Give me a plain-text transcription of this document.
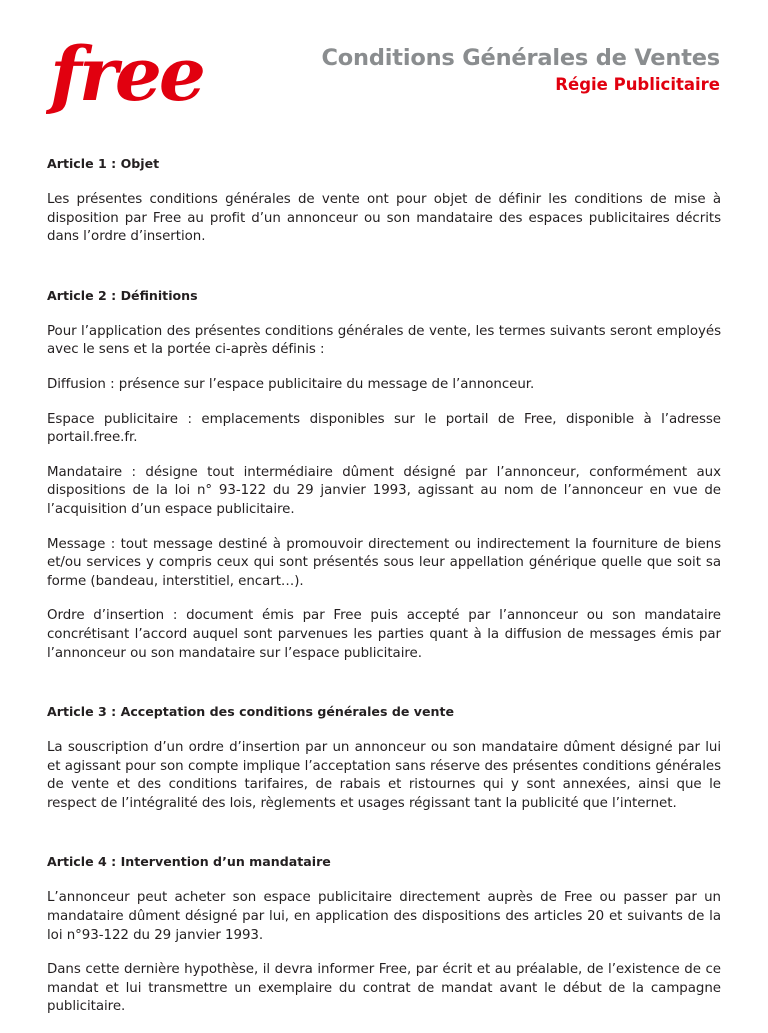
free	Conditions Générales de Ventes
Régie Publicitaire
Article 1 : Objet

Les présentes conditions générales de vente ont pour objet de définir les conditions de mise à disposition par Free au profit d’un annonceur ou son mandataire des espaces publicitaires décrits dans l’ordre d’insertion.

Article 2 : Définitions

Pour l’application des présentes conditions générales de vente, les termes suivants seront employés avec le sens et la portée ci-après définis :

Diffusion : présence sur l’espace publicitaire du message de l’annonceur.

Espace publicitaire : emplacements disponibles sur le portail de Free, disponible à l’adresse portail.free.fr.

Mandataire : désigne tout intermédiaire dûment désigné par l’annonceur, conformément aux dispositions de la loi n° 93-122 du 29 janvier 1993, agissant au nom de l’annonceur en vue de l’acquisition d’un espace publicitaire.

Message : tout message destiné à promouvoir directement ou indirectement la fourniture de biens et/ou services y compris ceux qui sont présentés sous leur appellation générique quelle que soit sa forme (bandeau, interstitiel, encart…).

Ordre d’insertion : document émis par Free puis accepté par l’annonceur ou son mandataire concrétisant l’accord auquel sont parvenues les parties quant à la diffusion de messages émis par l’annonceur ou son mandataire sur l’espace publicitaire.

Article 3 : Acceptation des conditions générales de vente

La souscription d’un ordre d’insertion par un annonceur ou son mandataire dûment désigné par lui et agissant pour son compte implique l’acceptation sans réserve des présentes conditions générales de vente et des conditions tarifaires, de rabais et ristournes qui y sont annexées, ainsi que le respect de l’intégralité des lois, règlements et usages régissant tant la publicité que l’internet.

Article 4 : Intervention d’un mandataire

L’annonceur peut acheter son espace publicitaire directement auprès de Free ou passer par un mandataire dûment désigné par lui, en application des dispositions des articles 20 et suivants de la loi n°93-122 du 29 janvier 1993.

Dans cette dernière hypothèse, il devra informer Free, par écrit et au préalable, de l’existence de ce mandat et lui transmettre un exemplaire du contrat de mandat avant le début de la campagne publicitaire.
